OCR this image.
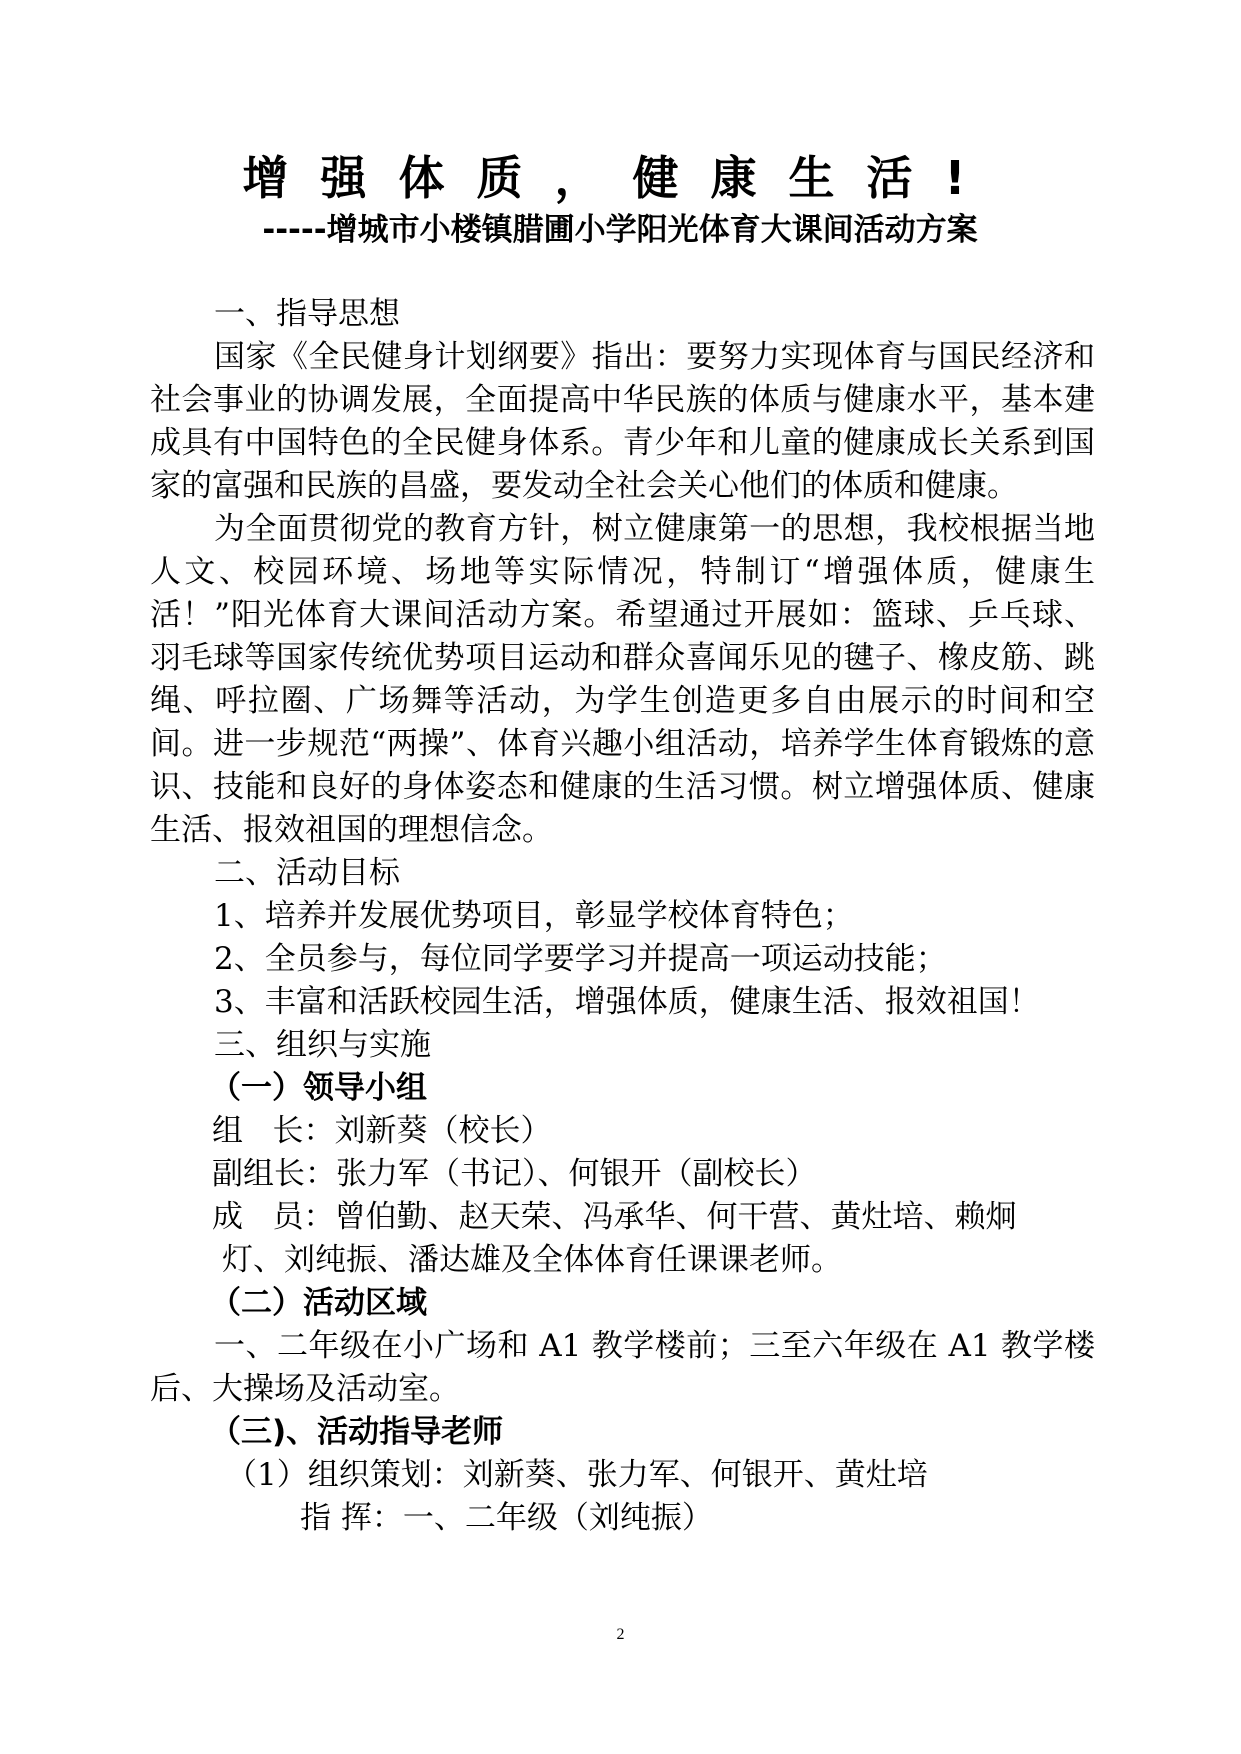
增强体质，健康生活!
-----增城市小楼镇腊圃小学阳光体育大课间活动方案

一、指导思想

国家《全民健身计划纲要》指出：要努力实现体育与国民经济和社会事业的协调发展，全面提高中华民族的体质与健康水平，基本建成具有中国特色的全民健身体系。青少年和儿童的健康成长关系到国家的富强和民族的昌盛，要发动全社会关心他们的体质和健康。

为全面贯彻党的教育方针，树立健康第一的思想，我校根据当地人文、校园环境、场地等实际情况，特制订“增强体质，健康生活！”阳光体育大课间活动方案。希望通过开展如：篮球、乒乓球、羽毛球等国家传统优势项目运动和群众喜闻乐见的毽子、橡皮筋、跳绳、呼拉圈、广场舞等活动，为学生创造更多自由展示的时间和空间。进一步规范“两操”、体育兴趣小组活动，培养学生体育锻炼的意识、技能和良好的身体姿态和健康的生活习惯。树立增强体质、健康生活、报效祖国的理想信念。

二、活动目标

1、培养并发展优势项目，彰显学校体育特色；

2、全员参与，每位同学要学习并提高一项运动技能；

3、丰富和活跃校园生活，增强体质，健康生活、报效祖国！

三、组织与实施

（一）领导小组

组   长： 刘新葵（校长）
副组长： 张力军（书记）、何银开（副校长）
成   员： 曾伯勤、赵天荣、冯承华、何干营、黄灶培、赖炯

灯、刘纯振、潘达雄及全体体育任课课老师。

（二）活动区域

一、二年级在小广场和 A1 教学楼前；三至六年级在 A1 教学楼后、大操场及活动室。

（三)、活动指导老师

（1）组织策划：刘新葵、张力军、何银开、黄灶培

指 挥：一、二年级（刘纯振）

2
